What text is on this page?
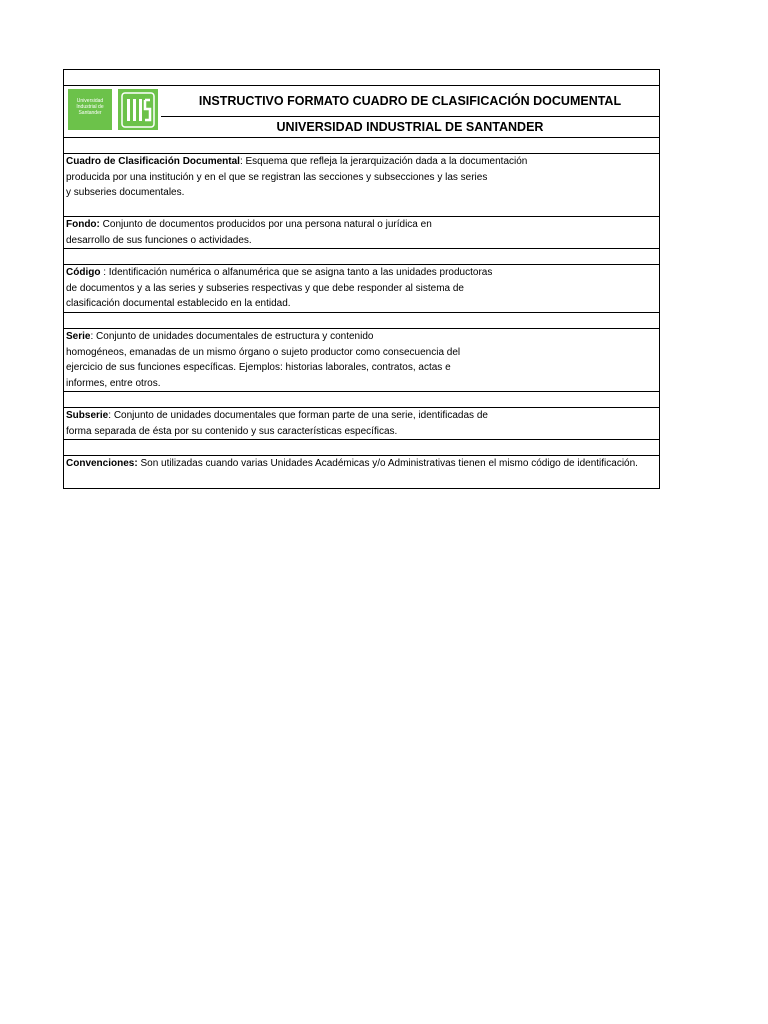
Universidad
Industrial de
Santander
INSTRUCTIVO FORMATO CUADRO DE CLASIFICACIÓN DOCUMENTAL
UNIVERSIDAD INDUSTRIAL DE SANTANDER
Cuadro de Clasificación Documental: Esquema que refleja la jerarquización dada a la documentación
producida por una institución y en el que se registran las secciones y subsecciones y las series
y subseries documentales.
Fondo: Conjunto de documentos producidos por una persona natural o jurídica en
desarrollo de sus funciones o actividades.
Código : Identificación numérica o alfanumérica que se asigna tanto a las unidades productoras
de documentos y a las series y subseries respectivas y que debe responder al sistema de
clasificación documental establecido en la entidad.
Serie: Conjunto de unidades documentales de estructura y contenido
homogéneos, emanadas de un mismo órgano o sujeto productor como consecuencia del
ejercicio de sus funciones específicas. Ejemplos: historias laborales, contratos, actas e
informes, entre otros.
Subserie: Conjunto de unidades documentales que forman parte de una serie, identificadas de
forma separada de ésta por su contenido y sus características específicas.
Convenciones: Son utilizadas cuando varias Unidades Académicas y/o Administrativas tienen el mismo código de identificación.
